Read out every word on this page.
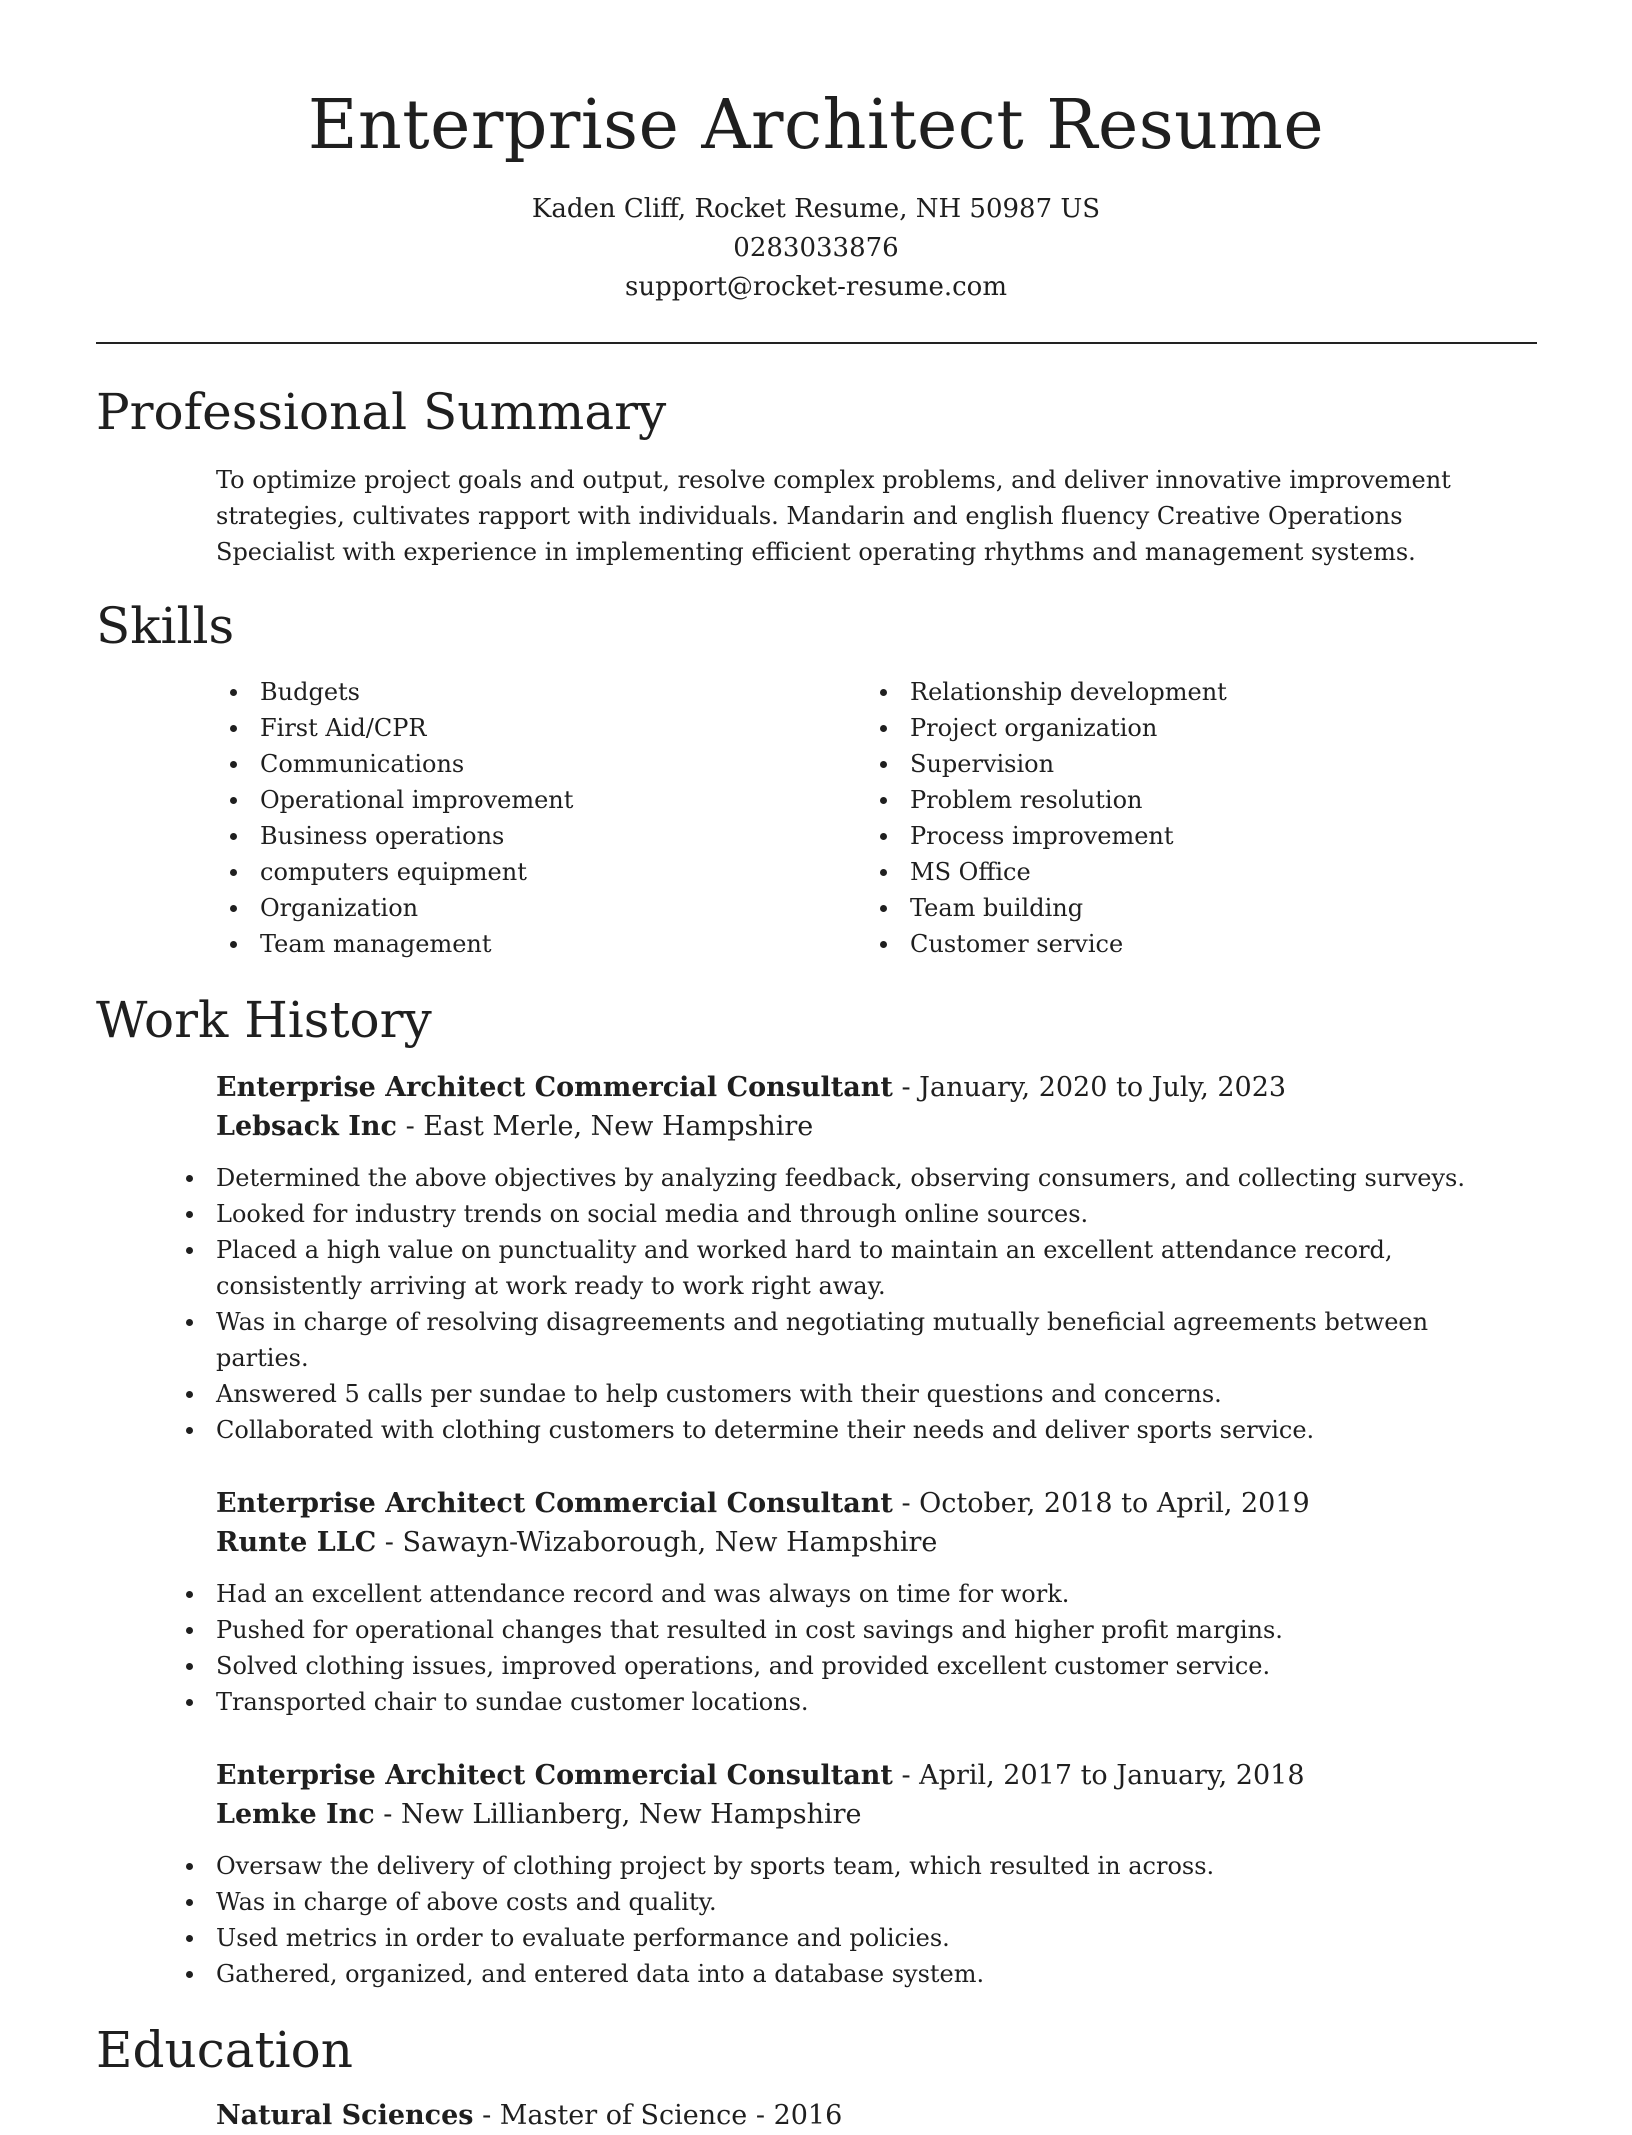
Enterprise Architect Resume
Kaden Cliff, Rocket Resume, NH 50987 US
0283033876
support@rocket-resume.com
Professional Summary

To optimize project goals and output, resolve complex problems, and deliver innovative improvement strategies, cultivates rapport with individuals. Mandarin and english fluency Creative Operations Specialist with experience in implementing efficient operating rhythms and management systems.

Skills
Budgets
First Aid/CPR
Communications
Operational improvement
Business operations
computers equipment
Organization
Team management
Relationship development
Project organization
Supervision
Problem resolution
Process improvement
MS Office
Team building
Customer service
Work History
Enterprise Architect Commercial Consultant - January, 2020 to July, 2023
Lebsack Inc - East Merle, New Hampshire
Determined the above objectives by analyzing feedback, observing consumers, and collecting surveys.
Looked for industry trends on social media and through online sources.
Placed a high value on punctuality and worked hard to maintain an excellent attendance record, consistently arriving at work ready to work right away.
Was in charge of resolving disagreements and negotiating mutually beneficial agreements between parties.
Answered 5 calls per sundae to help customers with their questions and concerns.
Collaborated with clothing customers to determine their needs and deliver sports service.
Enterprise Architect Commercial Consultant - October, 2018 to April, 2019
Runte LLC - Sawayn-Wizaborough, New Hampshire
Had an excellent attendance record and was always on time for work.
Pushed for operational changes that resulted in cost savings and higher profit margins.
Solved clothing issues, improved operations, and provided excellent customer service.
Transported chair to sundae customer locations.
Enterprise Architect Commercial Consultant - April, 2017 to January, 2018
Lemke Inc - New Lillianberg, New Hampshire
Oversaw the delivery of clothing project by sports team, which resulted in across.
Was in charge of above costs and quality.
Used metrics in order to evaluate performance and policies.
Gathered, organized, and entered data into a database system.
Education
Natural Sciences - Master of Science - 2016
